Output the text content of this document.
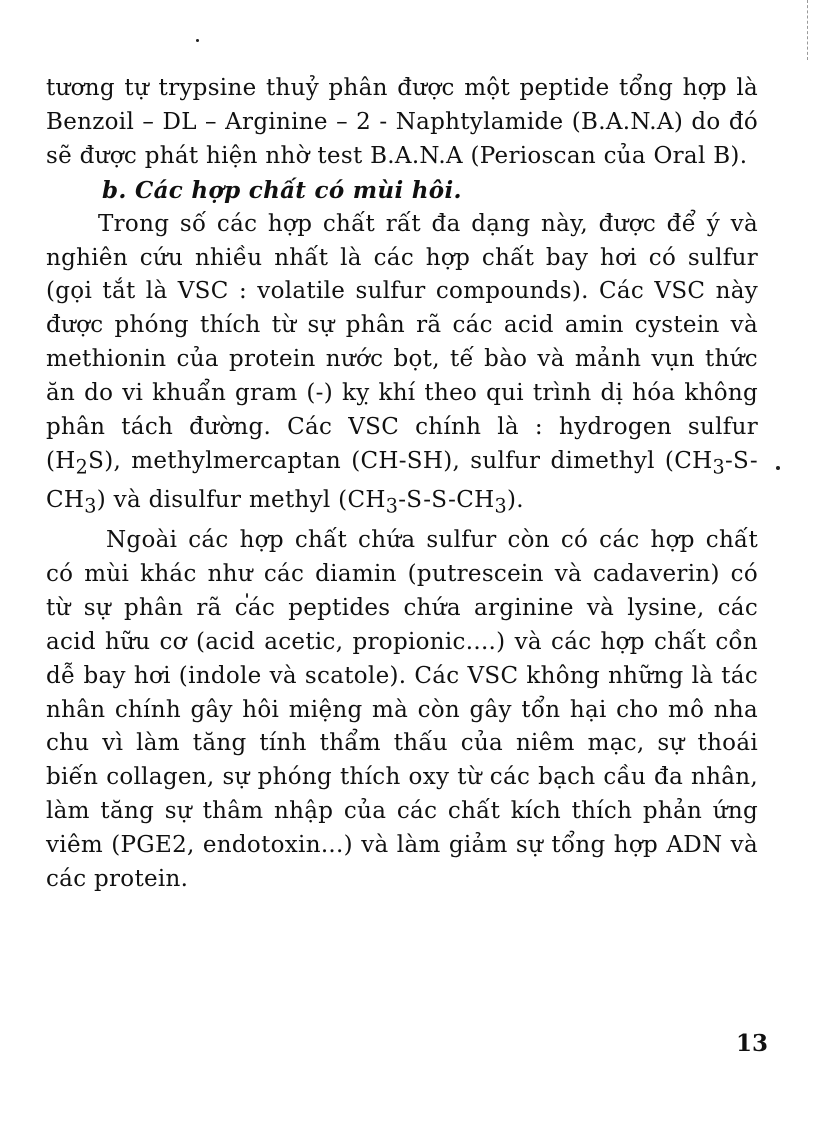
tương tự trypsine thuỷ phân được một peptide tổng hợp là Benzoil – DL – Arginine – 2 - Naphtylamide (B.A.N.A) do đó sẽ được phát hiện nhờ test B.A.N.A (Perioscan của Oral B).

b. Các hợp chất có mùi hôi.

Trong số các hợp chất rất đa dạng này, được để ý và nghiên cứu nhiều nhất là các hợp chất bay hơi có sulfur (gọi tắt là VSC : volatile sulfur compounds). Các VSC này được phóng thích từ sự phân rã các acid amin cystein và methionin của protein nước bọt, tế bào và mảnh vụn thức ăn do vi khuẩn gram (-) kỵ khí theo qui trình dị hóa không phân tách đường. Các VSC chính là : hydrogen sulfur $(H_2S)$, methylmercaptan (CH-SH), sulfur dimethyl $(CH_3-S-CH_3)$ và disulfur methyl $(CH_3-S-S-CH_3)$.

Ngoài các hợp chất chứa sulfur còn có các hợp chất có mùi khác như các diamin (putrescein và cadaverin) có từ sự phân rã các peptides chứa arginine và lysine, các acid hữu cơ (acid acetic, propionic....) và các hợp chất cồn dễ bay hơi (indole và scatole). Các VSC không những là tác nhân chính gây hôi miệng mà còn gây tổn hại cho mô nha chu vì làm tăng tính thẩm thấu của niêm mạc, sự thoái biến collagen, sự phóng thích oxy từ các bạch cầu đa nhân, làm tăng sự thâm nhập của các chất kích thích phản ứng viêm (PGE2, endotoxin...) và làm giảm sự tổng hợp ADN và các protein.

13
